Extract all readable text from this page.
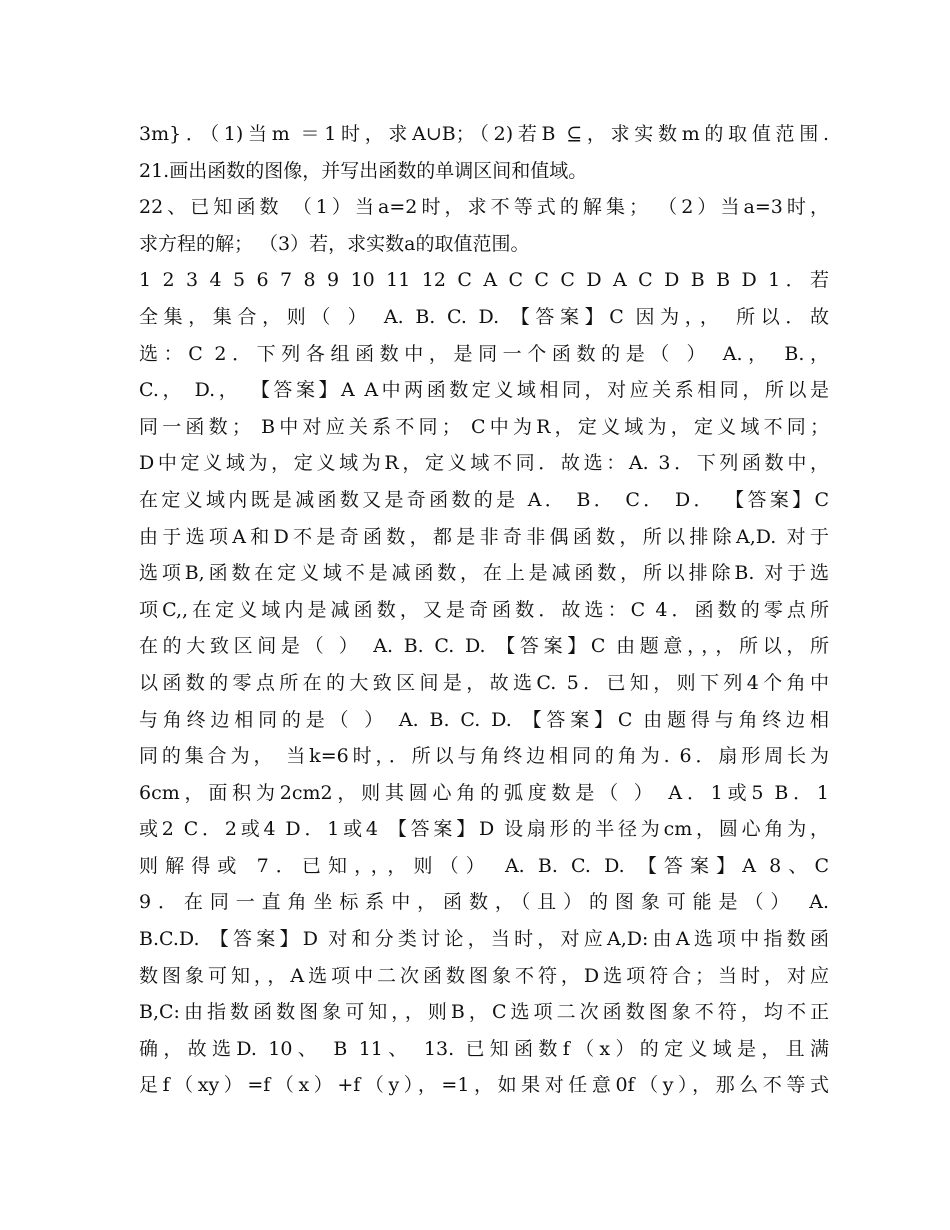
3m}．（1)当m ＝1时，求A∪B；（2)若B ⊆，求实数m的取值范围.
21.画出函数的图像，并写出函数的单调区间和值域。
22、已知函数 （1）当a=2时，求不等式的解集； （2）当a=3时，
求方程的解； （3）若，求实数a的取值范围。
1 2 3 4 5 6 7 8 9 10 11 12 C A C C C D A C D B B D 1．若
全集，集合，则（ ） A. B. C. D. 【答案】C 因为，， 所以．故
选：C 2．下列各组函数中，是同一个函数的是（ ） A.， B.，
C.， D.， 【答案】A A中两函数定义域相同，对应关系相同，所以是
同一函数； B中对应关系不同； C中为R，定义域为，定义域不同；
D中定义域为，定义域为R，定义域不同．故选：A. 3．下列函数中，
在定义域内既是减函数又是奇函数的是 A． B． C． D． 【答案】C
由于选项A和D不是奇函数，都是非奇非偶函数，所以排除A,D. 对于
选项B,函数在定义域不是减函数，在上是减函数，所以排除B. 对于选
项C,,在定义域内是减函数，又是奇函数．故选：C 4．函数的零点所
在的大致区间是（ ） A. B. C. D. 【答案】C 由题意，，，所以，所
以函数的零点所在的大致区间是，故选C. 5．已知，则下列4个角中
与角终边相同的是（ ） A. B. C. D. 【答案】C 由题得与角终边相
同的集合为， 当k=6时，．所以与角终边相同的角为. 6．扇形周长为
6cm，面积为2cm2，则其圆心角的弧度数是（ ） A．1或5 B．1
或2 C．2或4 D．1或4 【答案】D 设扇形的半径为cm，圆心角为，
则解得或 7．已知，，，则（） A. B. C. D. 【答案】A 8、C
9．在同一直角坐标系中，函数，（且）的图象可能是（） A.
B.C.D. 【答案】D 对和分类讨论，当时，对应A,D:由A选项中指数函
数图象可知，，A选项中二次函数图象不符，D选项符合；当时，对应
B,C:由指数函数图象可知，，则B，C选项二次函数图象不符，均不正
确，故选D. 10、 B 11、 13. 已知函数f（x）的定义域是，且满
足f（xy）=f（x）+f（y），=1，如果对任意0f（y），那么不等式
